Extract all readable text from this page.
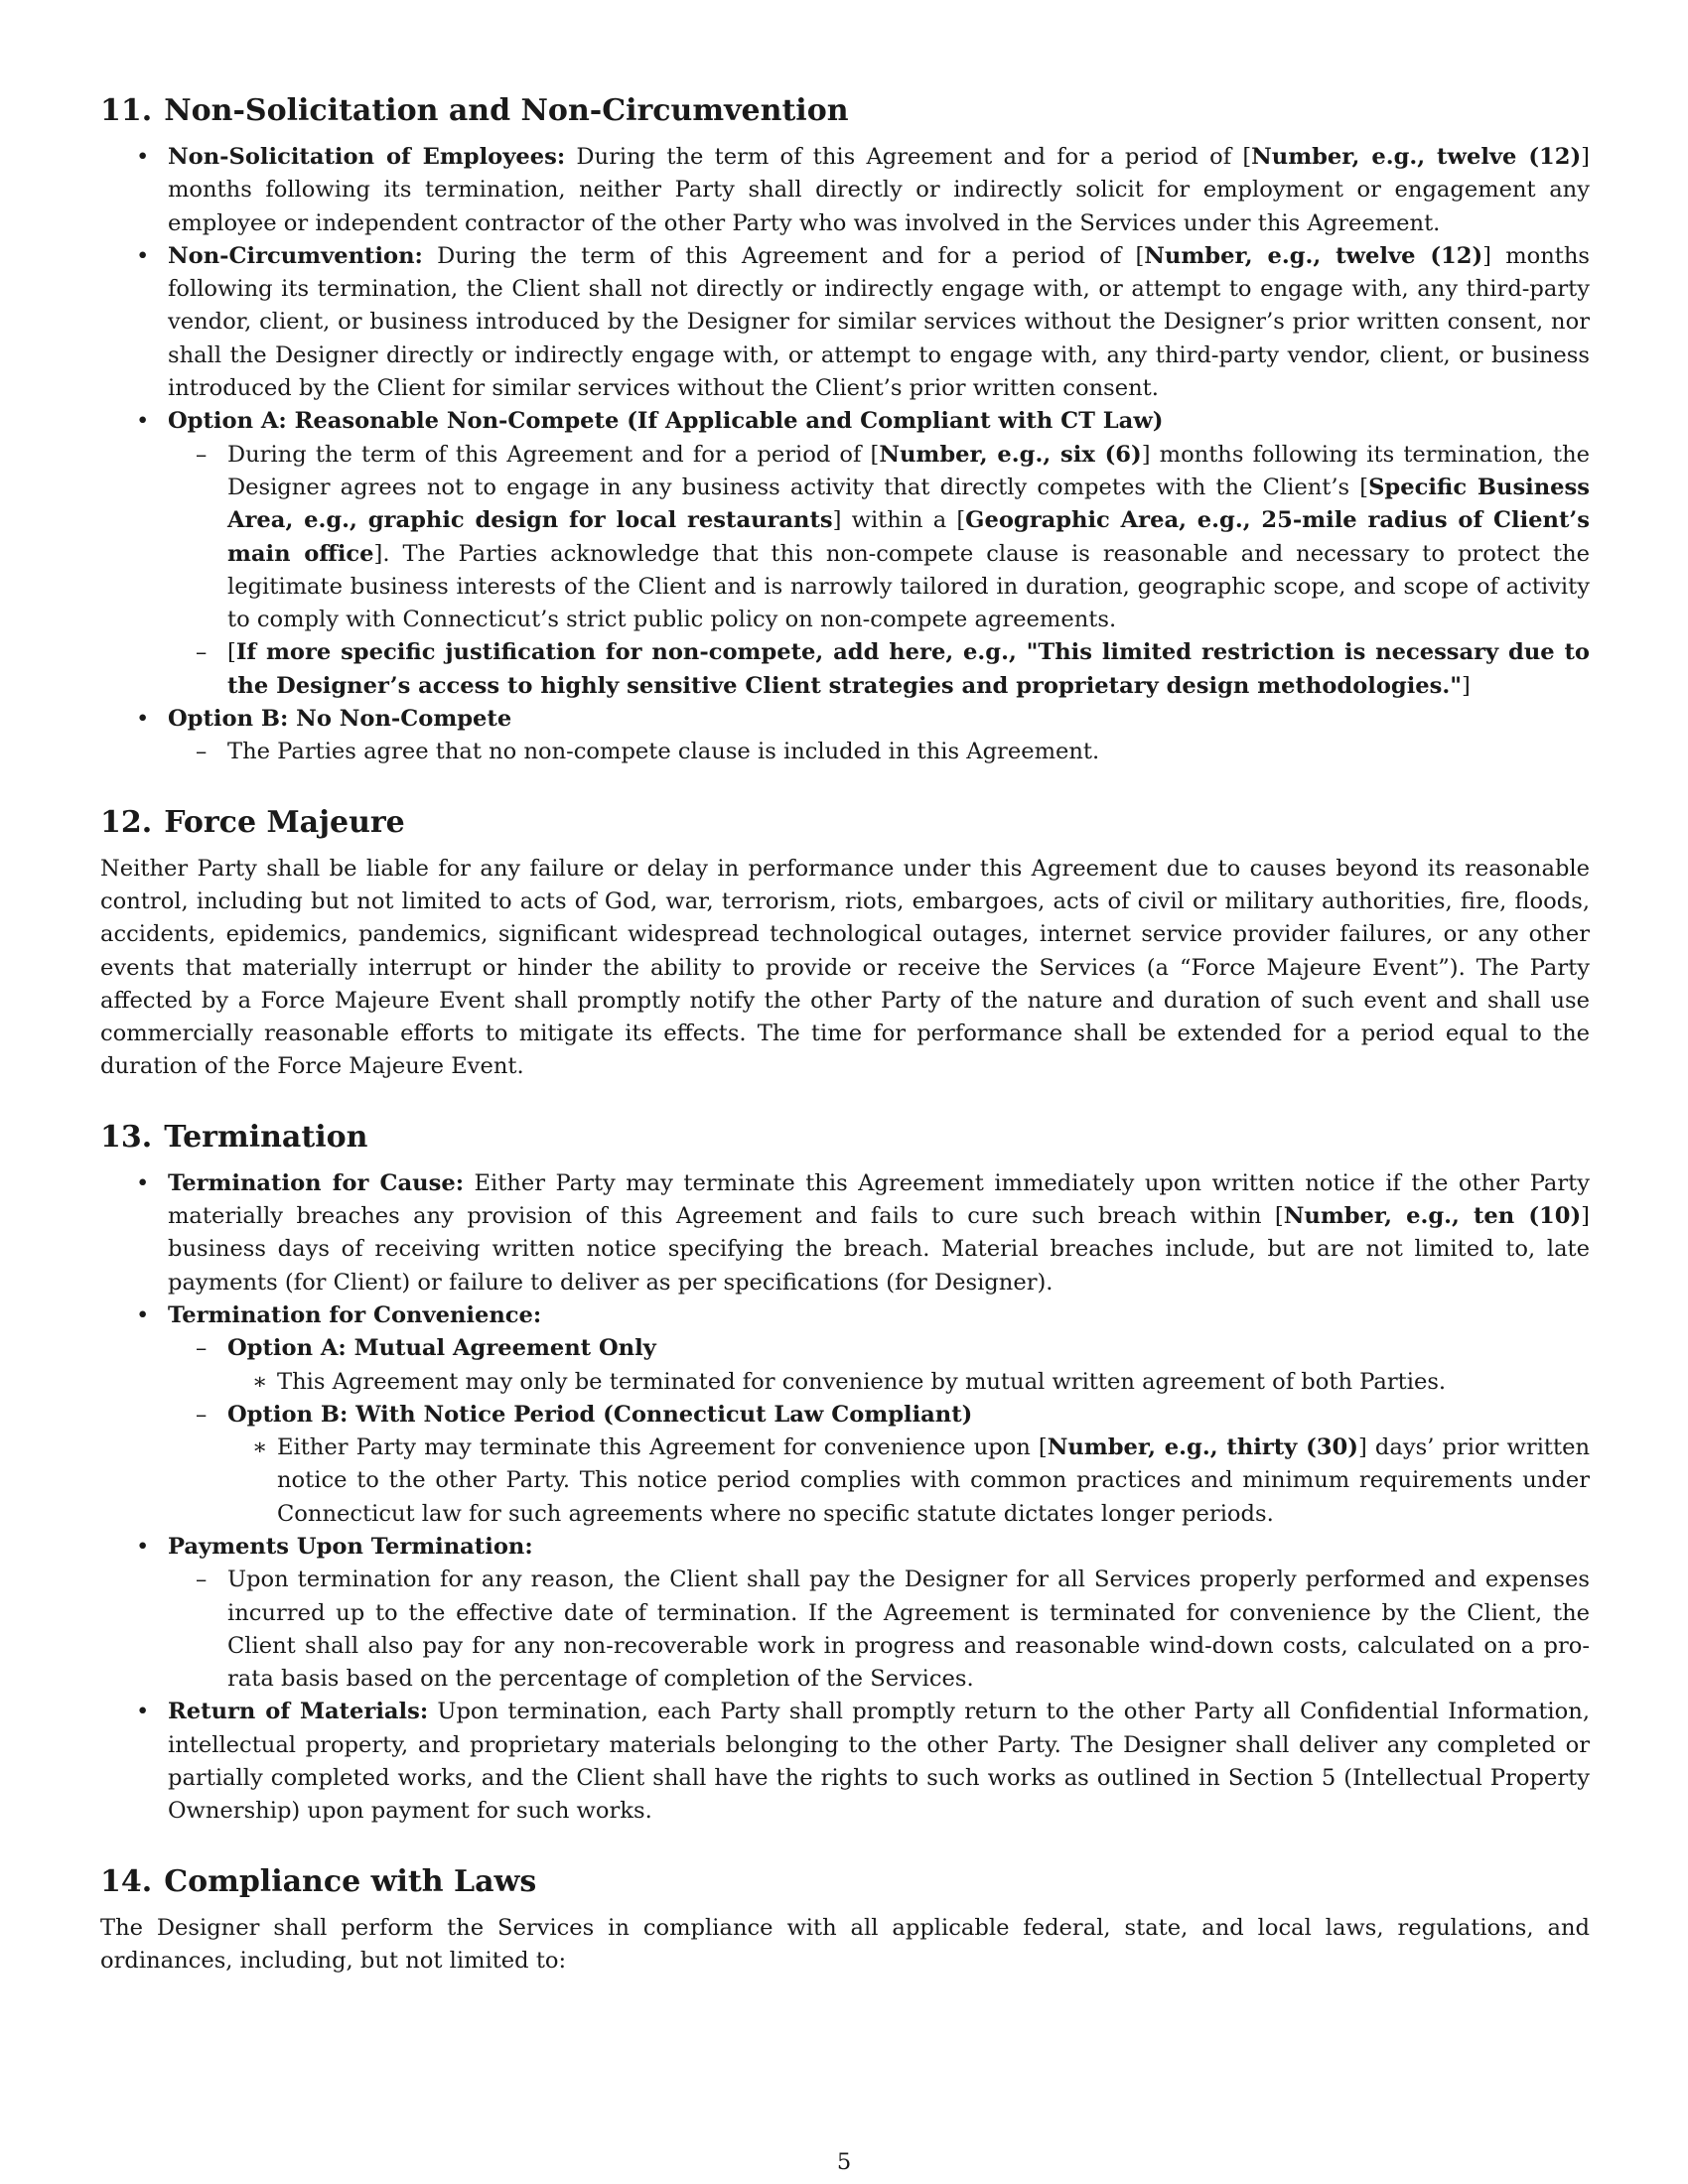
11. Non-Solicitation and Non-Circumvention
• Non-Solicitation of Employees: During the term of this Agreement and for a period of [Number, e.g., twelve (12)] months following its termination, neither Party shall directly or indirectly solicit for employment or engagement any employee or independent contractor of the other Party who was involved in the Services under this Agreement.
• Non-Circumvention: During the term of this Agreement and for a period of [Number, e.g., twelve (12)] months following its termination, the Client shall not directly or indirectly engage with, or attempt to engage with, any third-party vendor, client, or business introduced by the Designer for similar services without the Designer’s prior written consent, nor shall the Designer directly or indirectly engage with, or attempt to engage with, any third-party vendor, client, or business introduced by the Client for similar services without the Client’s prior written consent.
• Option A: Reasonable Non-Compete (If Applicable and Compliant with CT Law)
– During the term of this Agreement and for a period of [Number, e.g., six (6)] months following its termination, the Designer agrees not to engage in any business activity that directly competes with the Client’s [Specific Business Area, e.g., graphic design for local restaurants] within a [Geographic Area, e.g., 25-mile radius of Client’s main office]. The Parties acknowledge that this non-compete clause is reasonable and necessary to protect the legitimate business interests of the Client and is narrowly tailored in duration, geographic scope, and scope of activity to comply with Connecticut’s strict public policy on non-compete agreements.
– [If more specific justification for non-compete, add here, e.g., "This limited restriction is necessary due to the Designer’s access to highly sensitive Client strategies and proprietary design methodologies."]
• Option B: No Non-Compete
– The Parties agree that no non-compete clause is included in this Agreement.
12. Force Majeure

Neither Party shall be liable for any failure or delay in performance under this Agreement due to causes beyond its reasonable control, including but not limited to acts of God, war, terrorism, riots, embargoes, acts of civil or military authorities, fire, floods, accidents, epidemics, pandemics, significant widespread technological outages, internet service provider failures, or any other events that materially interrupt or hinder the ability to provide or receive the Services (a “Force Majeure Event”). The Party affected by a Force Majeure Event shall promptly notify the other Party of the nature and duration of such event and shall use commercially reasonable efforts to mitigate its effects. The time for performance shall be extended for a period equal to the duration of the Force Majeure Event.

13. Termination
• Termination for Cause: Either Party may terminate this Agreement immediately upon written notice if the other Party materially breaches any provision of this Agreement and fails to cure such breach within [Number, e.g., ten (10)] business days of receiving written notice specifying the breach. Material breaches include, but are not limited to, late payments (for Client) or failure to deliver as per specifications (for Designer).
• Termination for Convenience:
– Option A: Mutual Agreement Only
∗ This Agreement may only be terminated for convenience by mutual written agreement of both Parties.
– Option B: With Notice Period (Connecticut Law Compliant)
∗ Either Party may terminate this Agreement for convenience upon [Number, e.g., thirty (30)] days’ prior written notice to the other Party. This notice period complies with common practices and minimum requirements under Connecticut law for such agreements where no specific statute dictates longer periods.
• Payments Upon Termination:
– Upon termination for any reason, the Client shall pay the Designer for all Services properly performed and expenses incurred up to the effective date of termination. If the Agreement is terminated for convenience by the Client, the Client shall also pay for any non-recoverable work in progress and reasonable wind-down costs, calculated on a pro-rata basis based on the percentage of completion of the Services.
• Return of Materials: Upon termination, each Party shall promptly return to the other Party all Confidential Information, intellectual property, and proprietary materials belonging to the other Party. The Designer shall deliver any completed or partially completed works, and the Client shall have the rights to such works as outlined in Section 5 (Intellectual Property Ownership) upon payment for such works.
14. Compliance with Laws

The Designer shall perform the Services in compliance with all applicable federal, state, and local laws, regulations, and ordinances, including, but not limited to:

5
